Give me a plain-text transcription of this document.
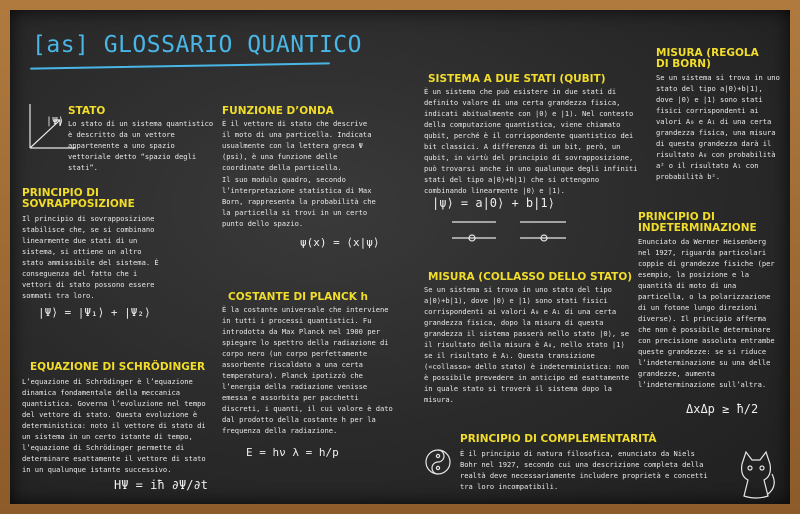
[as] GLOSSARIO QUANTICO
|Ψ⟩
STATO
Lo stato di un sistema quantistico è descritto da un vettore appartenente a uno spazio vettoriale detto “spazio degli stati”.
PRINCIPIO DI SOVRAPPOSIZIONE
Il principio di sovrapposizione stabilisce che, se si combinano linearmente due stati di un sistema, si ottiene un altro stato ammissibile del sistema. È conseguenza del fatto che i vettori di stato possono essere sommati tra loro.
|Ψ⟩ = |Ψ₁⟩ + |Ψ₂⟩
EQUAZIONE DI SCHRÖDINGER
L’equazione di Schrödinger è l’equazione dinamica fondamentale della meccanica quantistica. Governa l’evoluzione nel tempo del vettore di stato. Questa evoluzione è deterministica: noto il vettore di stato di un sistema in un certo istante di tempo, l’equazione di Schrödinger permette di determinare esattamente il vettore di stato in un qualunque istante successivo.
HΨ = iħ ∂Ψ/∂t
FUNZIONE D’ONDA
È il vettore di stato che descrive il moto di una particella. Indicata usualmente con la lettera greca Ψ (psi), è una funzione delle coordinate della particella.
Il suo modulo quadro, secondo l’interpretazione statistica di Max Born, rappresenta la probabilità che la particella si trovi in un certo punto dello spazio.
ψ(x) = ⟨x|ψ⟩
COSTANTE DI PLANCK h
È la costante universale che interviene in tutti i processi quantistici. Fu introdotta da Max Planck nel 1900 per spiegare lo spettro della radiazione di corpo nero (un corpo perfettamente assorbente riscaldato a una certa temperatura). Planck ipotizzò che l’energia della radiazione venisse emessa e assorbita per pacchetti discreti, i quanti, il cui valore è dato dal prodotto della costante h per la frequenza della radiazione.
E = hν λ = h/p
SISTEMA A DUE STATI (QUBIT)
È un sistema che può esistere in due stati di definito valore di una certa grandezza fisica, indicati abitualmente con |0⟩ e |1⟩. Nel contesto della computazione quantistica, viene chiamato qubit, perché è il corrispondente quantistico dei bit classici. A differenza di un bit, però, un qubit, in virtù del principio di sovrapposizione, può trovarsi anche in uno qualunque degli infiniti stati del tipo a|0⟩+b|1⟩ che si ottengono combinando linearmente |0⟩ e |1⟩.
|ψ⟩ = a|0⟩ + b|1⟩
MISURA (COLLASSO DELLO STATO)
Se un sistema si trova in uno stato del tipo a|0⟩+b|1⟩, dove |0⟩ e |1⟩ sono stati fisici corrispondenti ai valori A₀ e A₁ di una certa grandezza fisica, dopo la misura di questa grandezza il sistema passerà nello stato |0⟩, se il risultato della misura è A₀, nello stato |1⟩ se il risultato è A₁. Questa transizione («collasso» dello stato) è indeterministica: non è possibile prevedere in anticipo ed esattamente in quale stato si troverà il sistema dopo la misura.
MISURA (REGOLA DI BORN)
Se un sistema si trova in uno stato del tipo a|0⟩+b|1⟩, dove |0⟩ e |1⟩ sono stati fisici corrispondenti ai valori A₀ e A₁ di una certa grandezza fisica, una misura di questa grandezza darà il risultato A₀ con probabilità a² o il risultato A₁ con probabilità b².
PRINCIPIO DI INDETERMINAZIONE
Enunciato da Werner Heisenberg nel 1927, riguarda particolari coppie di grandezze fisiche (per esempio, la posizione e la quantità di moto di una particella, o la polarizzazione di un fotone lungo direzioni diverse). Il principio afferma che non è possibile determinare con precisione assoluta entrambe queste grandezze: se si riduce l’indeterminazione su una delle grandezze, aumenta l’indeterminazione sull’altra.
ΔxΔp ≥ ħ/2
PRINCIPIO DI COMPLEMENTARITÀ
È il principio di natura filosofica, enunciato da Niels Bohr nel 1927, secondo cui una descrizione completa della realtà deve necessariamente includere proprietà e concetti tra loro incompatibili.
